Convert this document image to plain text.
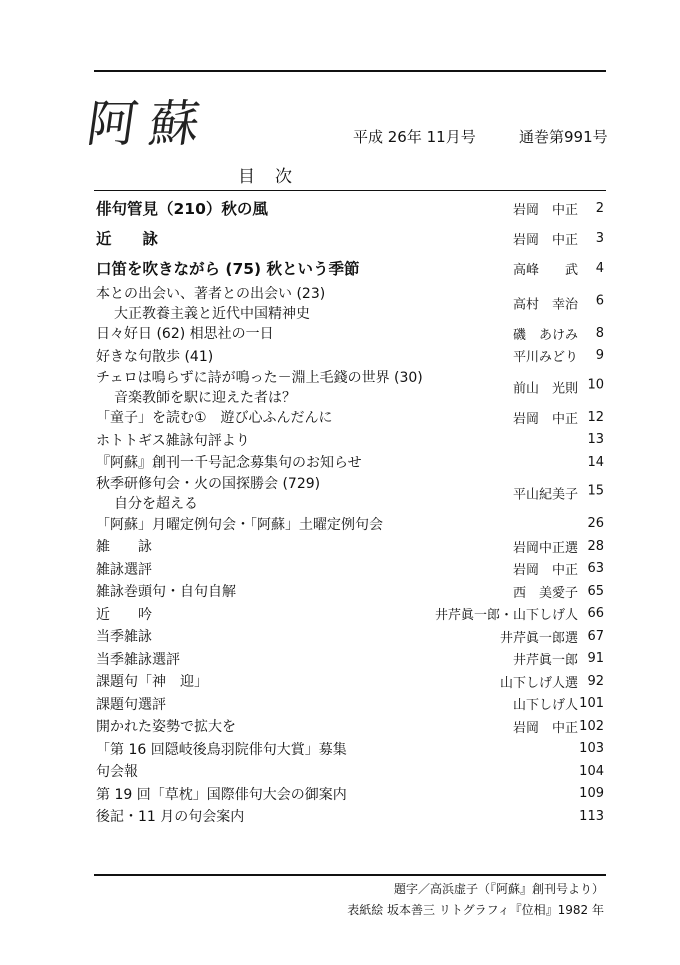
阿蘇	平成 26年 11月号	通巻第991号
目次
俳句管見（210）秋の風	岩岡　中正	2
近　　詠	岩岡　中正	3
口笛を吹きながら (75) 秋という季節	高峰　　武	4
本との出会い、著者との出会い (23)
大正教養主義と近代中国精神史
高村　幸治	6
日々好日 (62) 相思社の一日	磯　あけみ	8
好きな句散歩 (41)	平川みどり	9
チェロは鳴らずに詩が鳴った－淵上毛錢の世界 (30)
音楽教師を駅に迎えた者は？
前山　光則 10
「童子」を読む①　遊び心ふんだんに	岩岡　中正 12
ホトトギス雑詠句評より	13
『阿蘇』創刊一千号記念募集句のお知らせ	14
秋季研修句会・火の国探勝会 (729)
自分を超える
平山紀美子 15
「阿蘇」月曜定例句会・「阿蘇」土曜定例句会	26
雑　　詠	岩岡中正選 28
雑詠選評	岩岡　中正 63
雑詠巻頭句・自句自解	西　美愛子 65
近　　吟	井芹眞一郎・山下しげ人 66
当季雑詠	井芹眞一郎選 67
当季雑詠選評	井芹眞一郎 91
課題句「神　迎」	山下しげ人選 92
課題句選評	山下しげ人 101
開かれた姿勢で拡大を	岩岡　中正 102
「第 16 回隠岐後鳥羽院俳句大賞」募集	103
句会報	104
第 19 回「草枕」国際俳句大会の御案内	109
後記・11 月の句会案内	113
題字／高浜虚子（『阿蘇』創刊号より）
表紙絵 坂本善三 リトグラフィ『位相』1982 年
